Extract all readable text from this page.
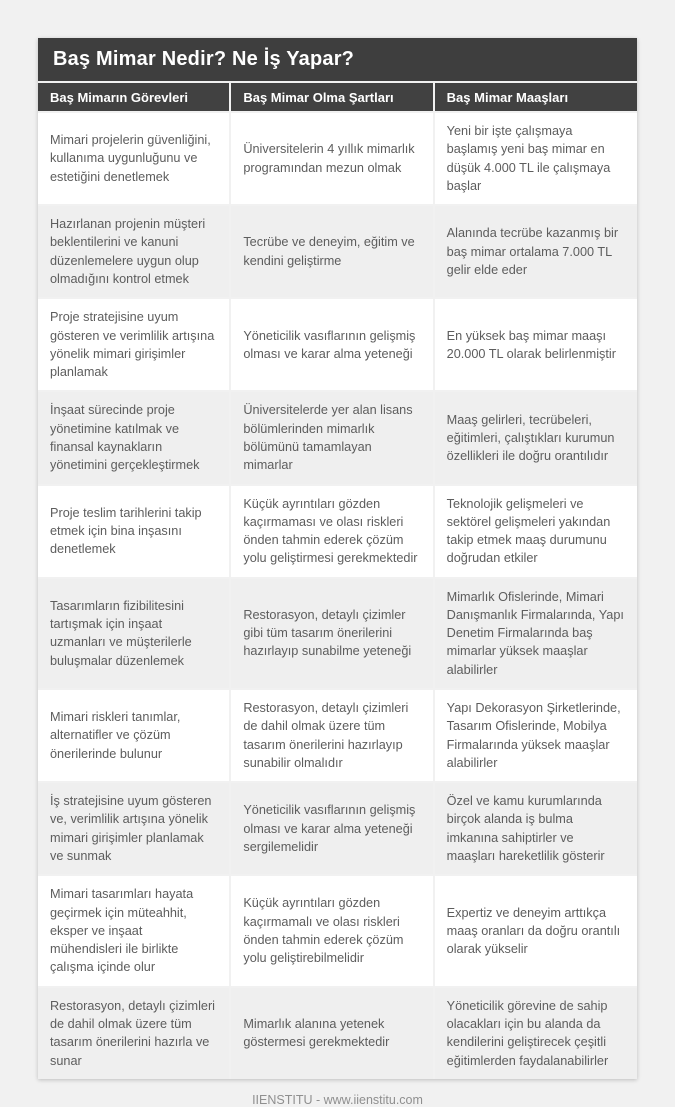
Baş Mimar Nedir? Ne İş Yapar?
Baş Mimarın Görevleri	Baş Mimar Olma Şartları	Baş Mimar Maaşları
Mimari projelerin güvenliğini, kullanıma uygunluğunu ve estetiğini denetlemek
Üniversitelerin 4 yıllık mimarlık programından mezun olmak
Yeni bir işte çalışmaya başlamış yeni baş mimar en düşük 4.000 TL ile çalışmaya başlar
Hazırlanan projenin müşteri beklentilerini ve kanuni düzenlemelere uygun olup olmadığını kontrol etmek
Tecrübe ve deneyim, eğitim ve kendini geliştirme
Alanında tecrübe kazanmış bir baş mimar ortalama 7.000 TL gelir elde eder
Proje stratejisine uyum gösteren ve verimlilik artışına yönelik mimari girişimler planlamak
Yöneticilik vasıflarının gelişmiş olması ve karar alma yeteneği
En yüksek baş mimar maaşı 20.000 TL olarak belirlenmiştir
İnşaat sürecinde proje yönetimine katılmak ve finansal kaynakların yönetimini gerçekleştirmek
Üniversitelerde yer alan lisans bölümlerinden mimarlık bölümünü tamamlayan mimarlar
Maaş gelirleri, tecrübeleri, eğitimleri, çalıştıkları kurumun özellikleri ile doğru orantılıdır
Proje teslim tarihlerini takip etmek için bina inşasını denetlemek
Küçük ayrıntıları gözden kaçırmaması ve olası riskleri önden tahmin ederek çözüm yolu geliştirmesi gerekmektedir
Teknolojik gelişmeleri ve sektörel gelişmeleri yakından takip etmek maaş durumunu doğrudan etkiler
Tasarımların fizibilitesini tartışmak için inşaat uzmanları ve müşterilerle buluşmalar düzenlemek
Restorasyon, detaylı çizimler gibi tüm tasarım önerilerini hazırlayıp sunabilme yeteneği
Mimarlık Ofislerinde, Mimari Danışmanlık Firmalarında, Yapı Denetim Firmalarında baş mimarlar yüksek maaşlar alabilirler
Mimari riskleri tanımlar, alternatifler ve çözüm önerilerinde bulunur
Restorasyon, detaylı çizimleri de dahil olmak üzere tüm tasarım önerilerini hazırlayıp sunabilir olmalıdır
Yapı Dekorasyon Şirketlerinde, Tasarım Ofislerinde, Mobilya Firmalarında yüksek maaşlar alabilirler
İş stratejisine uyum gösteren ve, verimlilik artışına yönelik mimari girişimler planlamak ve sunmak
Yöneticilik vasıflarının gelişmiş olması ve karar alma yeteneği sergilemelidir
Özel ve kamu kurumlarında birçok alanda iş bulma imkanına sahiptirler ve maaşları hareketlilik gösterir
Mimari tasarımları hayata geçirmek için müteahhit, eksper ve inşaat mühendisleri ile birlikte çalışma içinde olur
Küçük ayrıntıları gözden kaçırmamalı ve olası riskleri önden tahmin ederek çözüm yolu geliştirebilmelidir
Expertiz ve deneyim arttıkça maaş oranları da doğru orantılı olarak yükselir
Restorasyon, detaylı çizimleri de dahil olmak üzere tüm tasarım önerilerini hazırla ve sunar
Mimarlık alanına yetenek göstermesi gerekmektedir
Yöneticilik görevine de sahip olacakları için bu alanda da kendilerini geliştirecek çeşitli eğitimlerden faydalanabilirler
IIENSTITU - www.iienstitu.com
